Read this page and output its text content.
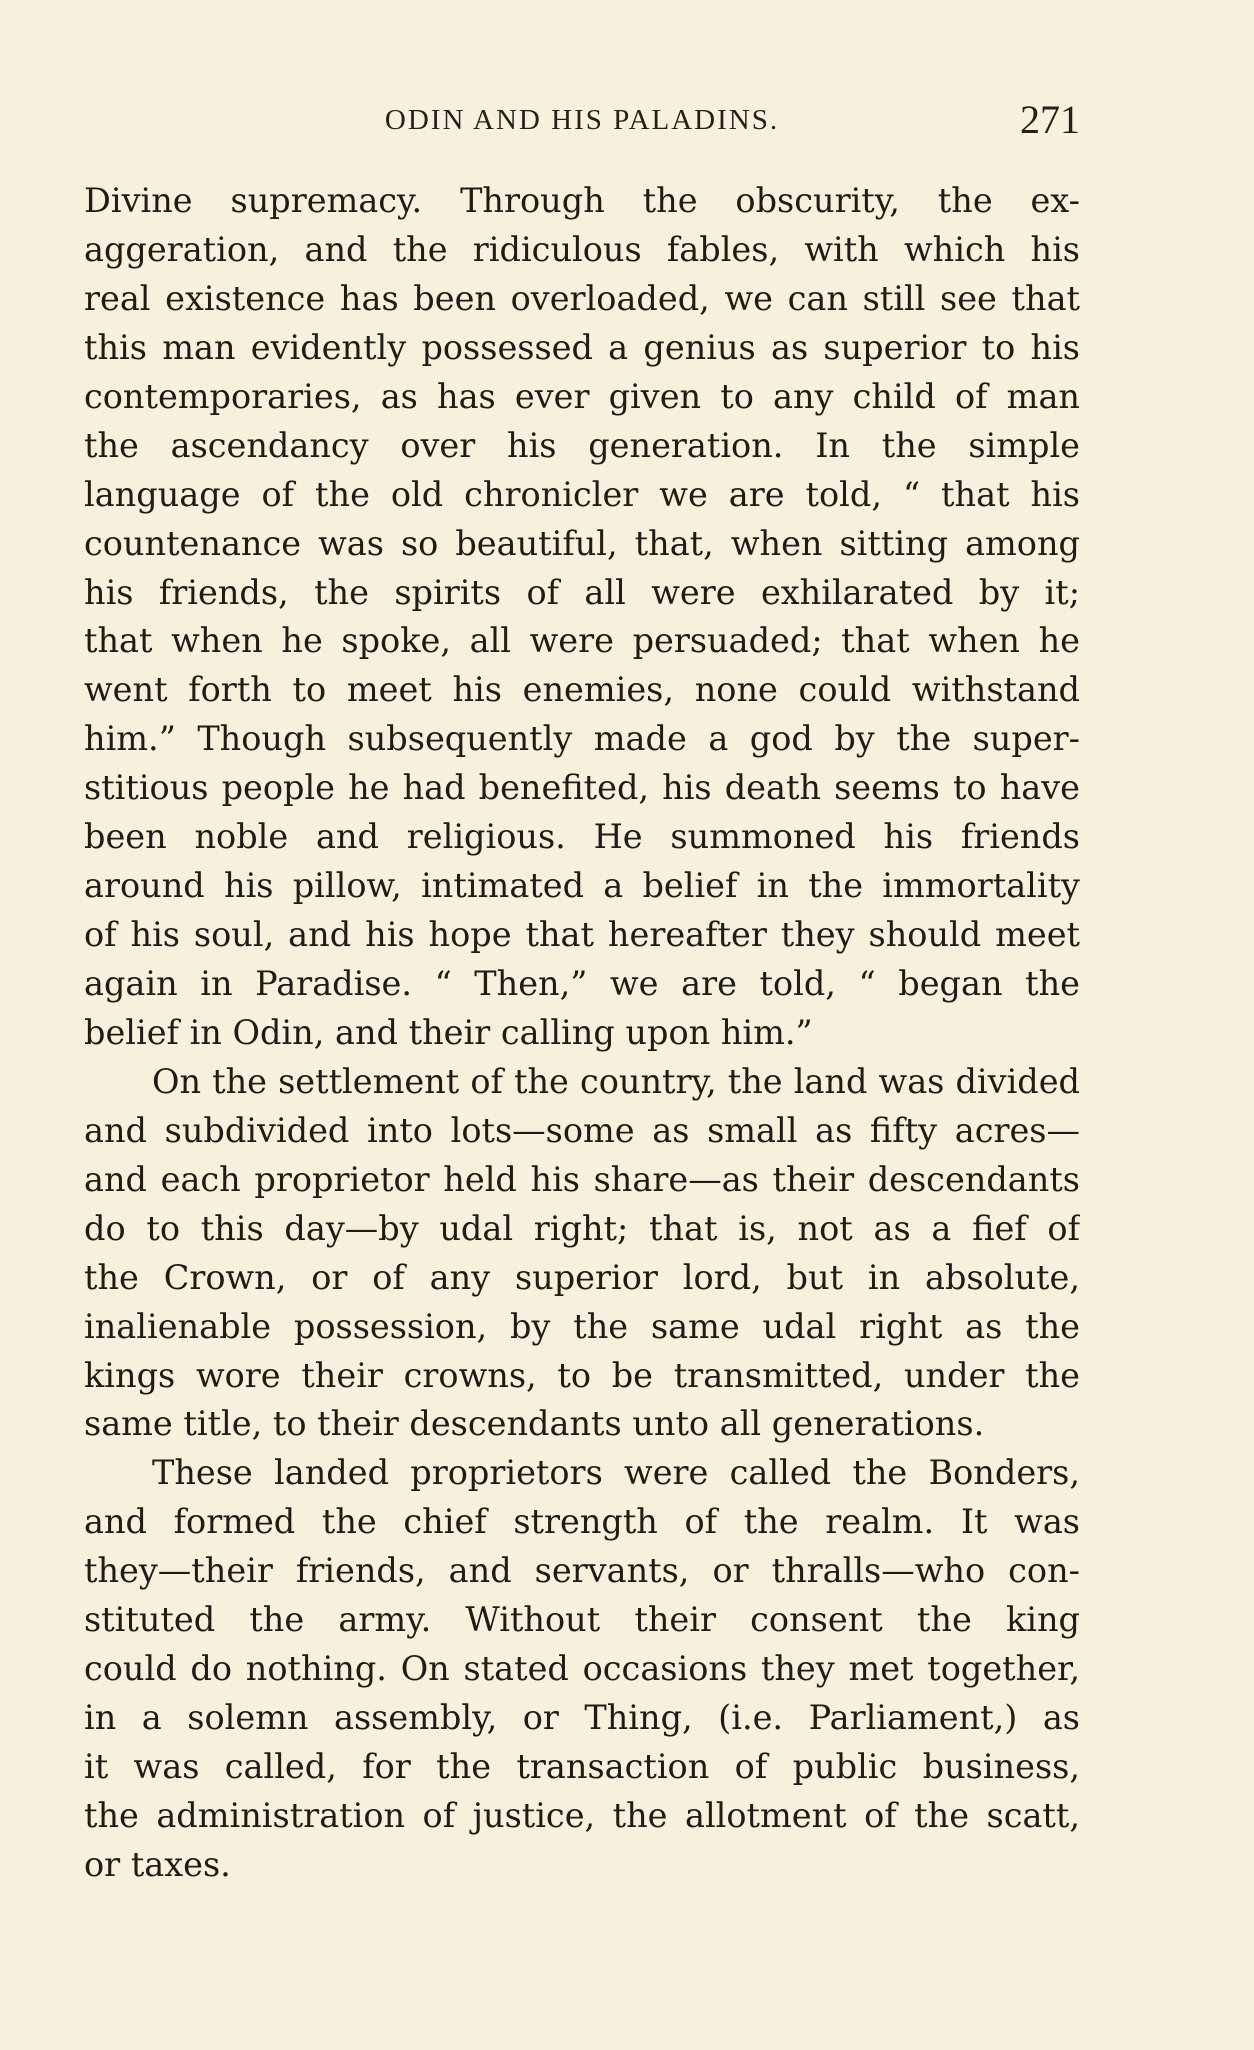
ODIN AND HIS PALADINS.	271
Divine supremacy. Through the obscurity, the ex-
aggeration, and the ridiculous fables, with which his
real existence has been overloaded, we can still see that
this man evidently possessed a genius as superior to his
contemporaries, as has ever given to any child of man
the ascendancy over his generation. In the simple
language of the old chronicler we are told, “ that his
countenance was so beautiful, that, when sitting among
his friends, the spirits of all were exhilarated by it;
that when he spoke, all were persuaded; that when he
went forth to meet his enemies, none could withstand
him.” Though subsequently made a god by the super-
stitious people he had benefited, his death seems to have
been noble and religious. He summoned his friends
around his pillow, intimated a belief in the immortality
of his soul, and his hope that hereafter they should meet
again in Paradise. “ Then,” we are told, “ began the
belief in Odin, and their calling upon him.”
On the settlement of the country, the land was divided
and subdivided into lots—some as small as fifty acres—
and each proprietor held his share—as their descendants
do to this day—by udal right; that is, not as a fief of
the Crown, or of any superior lord, but in absolute,
inalienable possession, by the same udal right as the
kings wore their crowns, to be transmitted, under the
same title, to their descendants unto all generations.
These landed proprietors were called the Bonders,
and formed the chief strength of the realm. It was
they—their friends, and servants, or thralls—who con-
stituted the army. Without their consent the king
could do nothing. On stated occasions they met together,
in a solemn assembly, or Thing, (i.e. Parliament,) as
it was called, for the transaction of public business,
the administration of justice, the allotment of the scatt,
or taxes.
